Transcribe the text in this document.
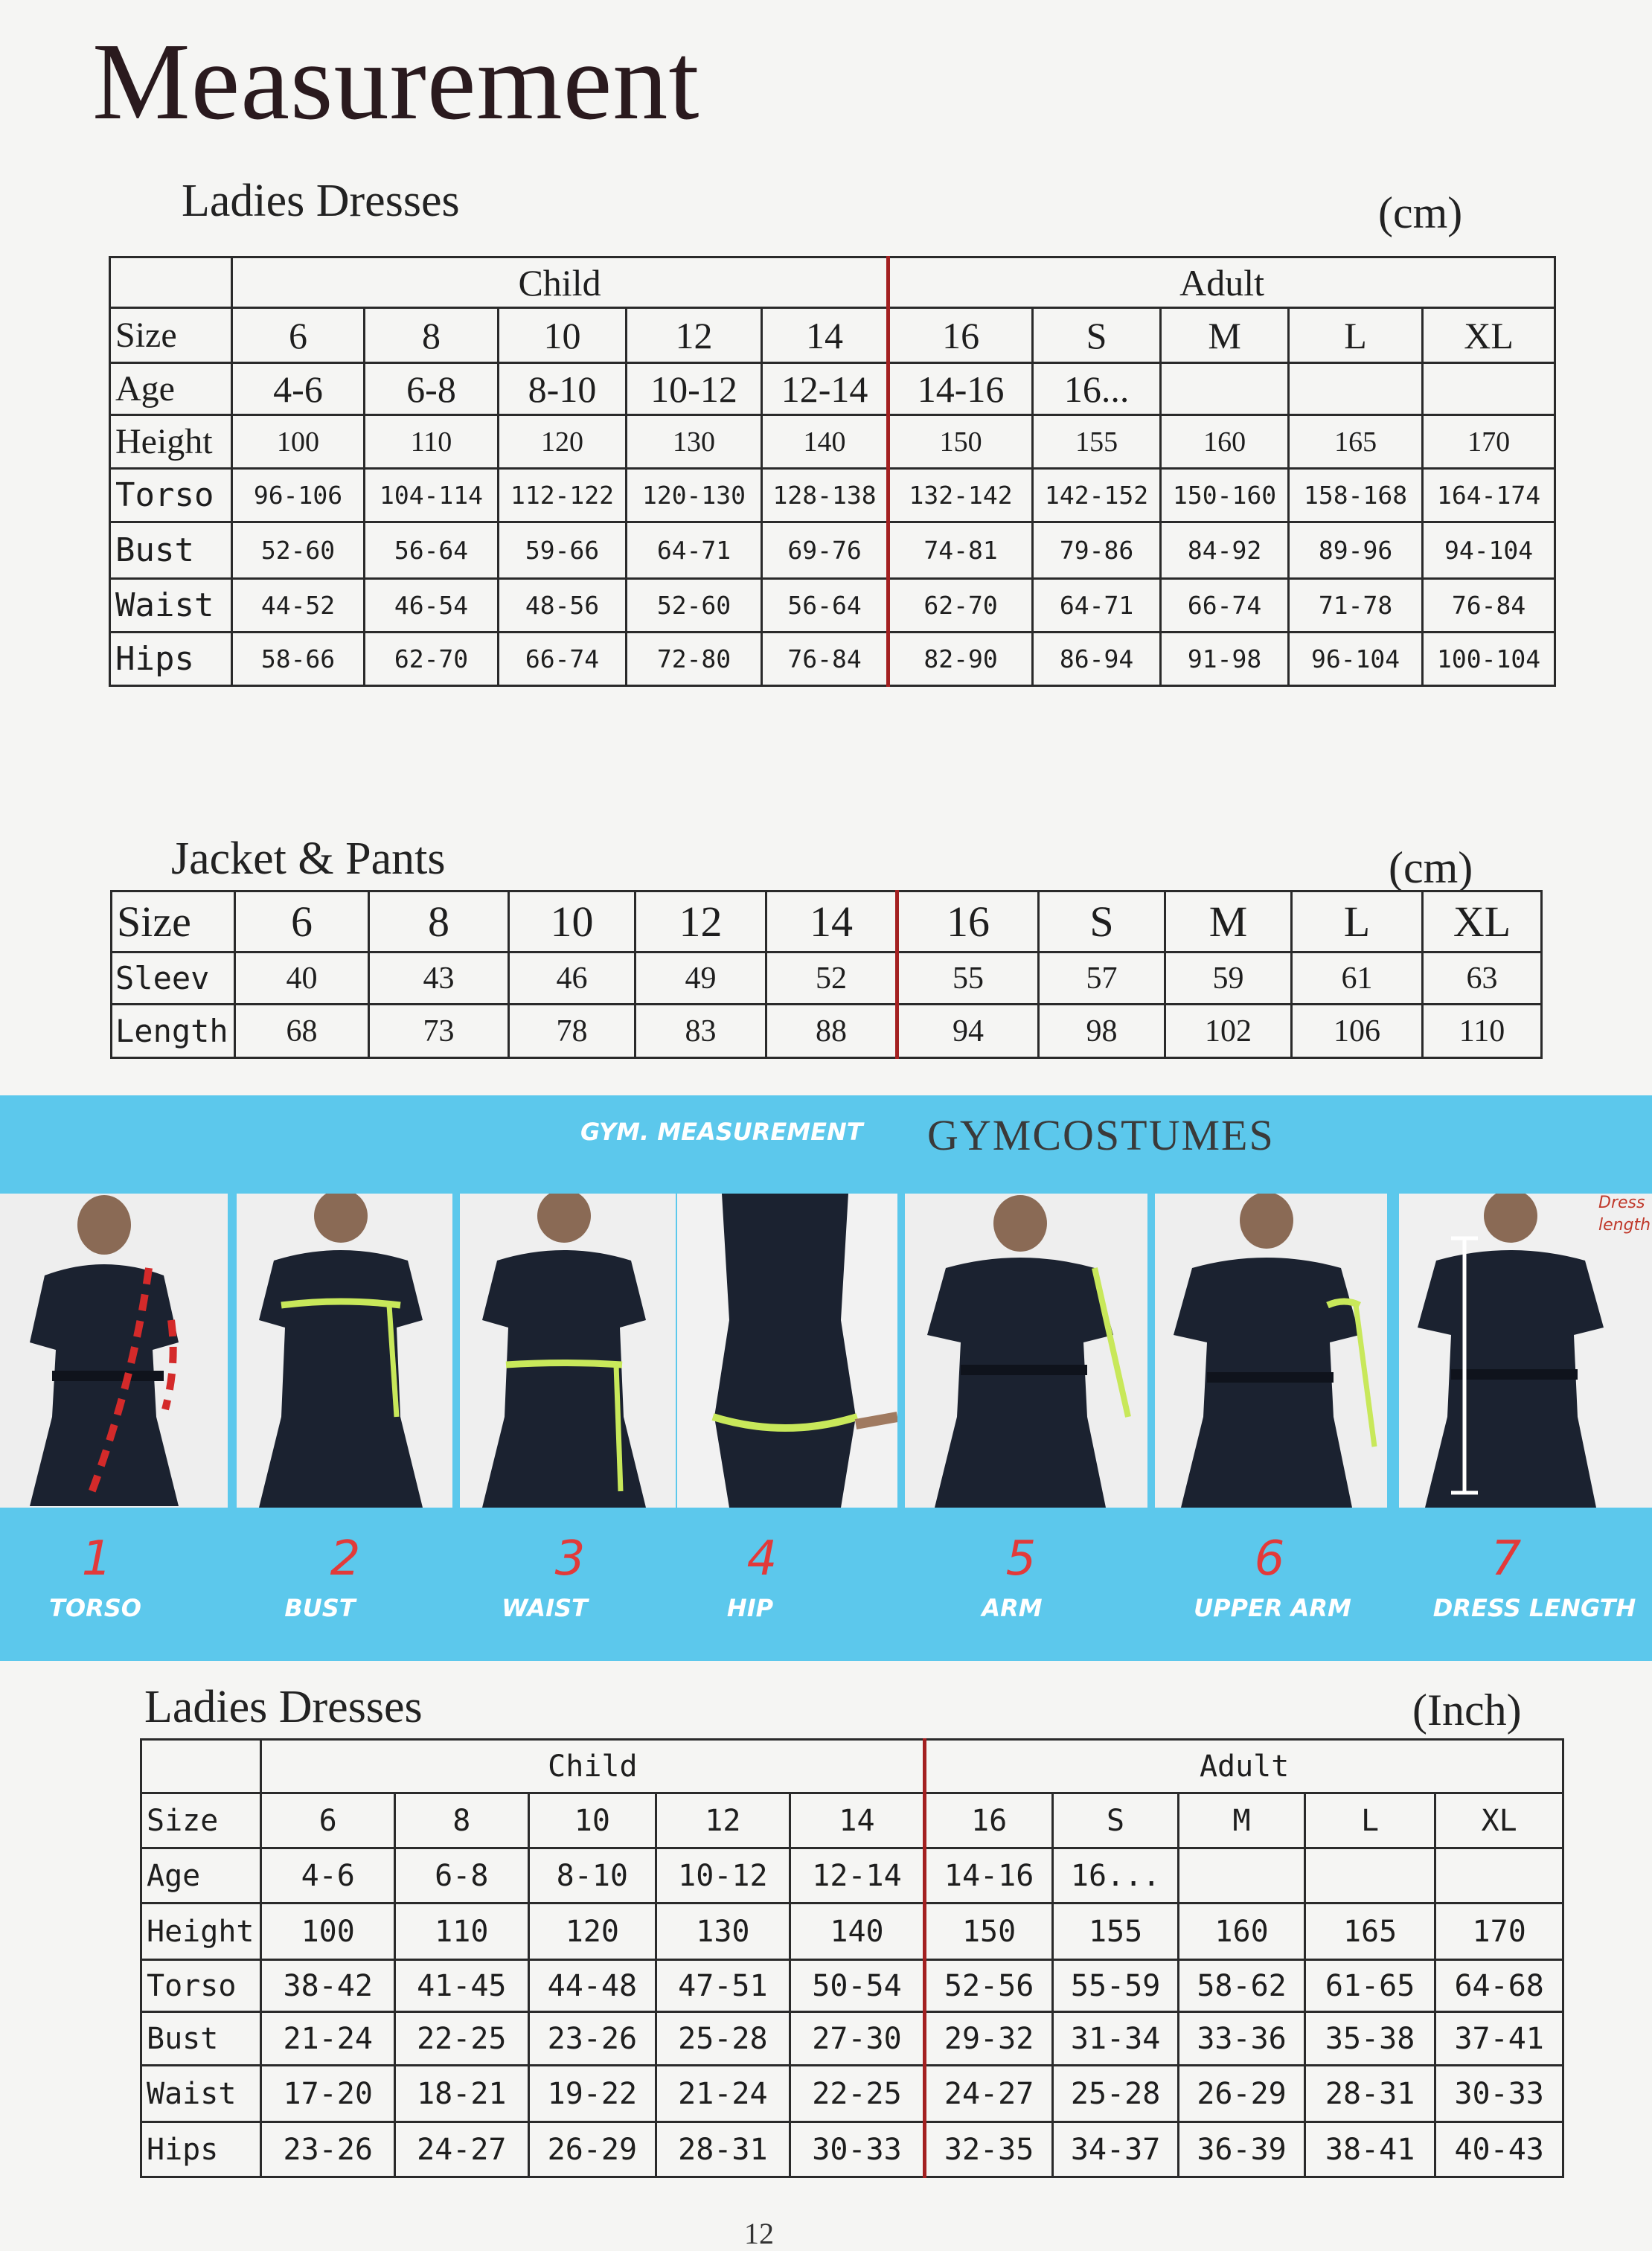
Measurement
Ladies Dresses	(cm)
	Child					Adult				
Size	6	8	10	12	14	16	S	M	L	XL
Age	4-6	6-8	8-10	10-12	12-14	14-16	16...			
Height	100	110	120	130	140	150	155	160	165	170
Torso	96-106	104-114	112-122	120-130	128-138	132-142	142-152	150-160	158-168	164-174
Bust	52-60	56-64	59-66	64-71	69-76	74-81	79-86	84-92	89-96	94-104
Waist	44-52	46-54	48-56	52-60	56-64	62-70	64-71	66-74	71-78	76-84
Hips	58-66	62-70	66-74	72-80	76-84	82-90	86-94	91-98	96-104	100-104
Jacket & Pants	(cm)
Size	6	8	10	12	14	16	S	M	L	XL
Sleev	40	43	46	49	52	55	57	59	61	63
Length	68	73	78	83	88	94	98	102	106	110
GYM. MEASUREMENT GYMCOSTUMES
Dress
length
1	2	3	4	5	6	7
TORSO	BUST	WAIST	HIP	ARM	UPPER ARM	DRESS LENGTH
Ladies Dresses	(Inch)
	Child					Adult				
Size	6	8	10	12	14	16	S	M	L	XL
Age	4-6	6-8	8-10	10-12	12-14	14-16	16...			
Height	100	110	120	130	140	150	155	160	165	170
Torso	38-42	41-45	44-48	47-51	50-54	52-56	55-59	58-62	61-65	64-68
Bust	21-24	22-25	23-26	25-28	27-30	29-32	31-34	33-36	35-38	37-41
Waist	17-20	18-21	19-22	21-24	22-25	24-27	25-28	26-29	28-31	30-33
Hips	23-26	24-27	26-29	28-31	30-33	32-35	34-37	36-39	38-41	40-43
12
